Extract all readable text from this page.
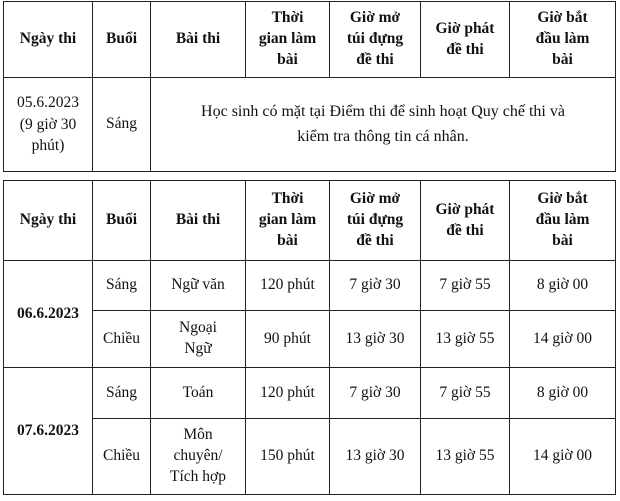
Ngày thi	Buổi	Bài thi	Thời
gian làm
bài	Giờ mở
túi đựng
đề thi	Giờ phát
đề thi	Giờ bắt
đầu làm
bài
05.6.2023
(9 giờ 30
phút)	Sáng	Học sinh có mặt tại Điểm thi để sinh hoạt Quy chế thi và
kiểm tra thông tin cá nhân.				
Ngày thi	Buổi	Bài thi	Thời
gian làm
bài	Giờ mở
túi đựng
đề thi	Giờ phát
đề thi	Giờ bắt
đầu làm
bài
06.6.2023	Sáng	Ngữ văn	120 phút	7 giờ 30	7 giờ 55	8 giờ 00
	Chiều	Ngoại
Ngữ	90 phút	13 giờ 30	13 giờ 55	14 giờ 00
07.6.2023	Sáng	Toán	120 phút	7 giờ 30	7 giờ 55	8 giờ 00
	Chiều	Môn
chuyên/
Tích hợp	150 phút	13 giờ 30	13 giờ 55	14 giờ 00
